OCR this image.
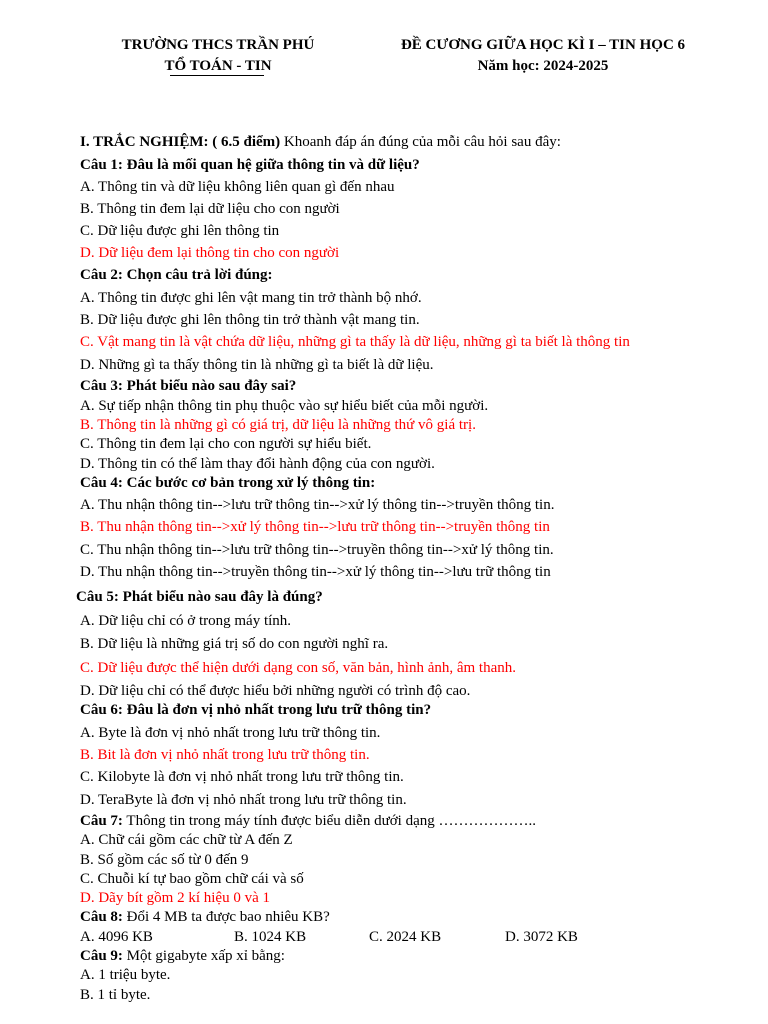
TRƯỜNG THCS TRẦN PHÚ
TỔ TOÁN - TIN
ĐỀ CƯƠNG GIỮA HỌC KÌ I – TIN HỌC 6
Năm học: 2024-2025
I. TRẮC NGHIỆM: ( 6.5 điểm) Khoanh đáp án đúng của mỗi câu hỏi sau đây:
Câu 1: Đâu là mối quan hệ giữa thông tin và dữ liệu?
A. Thông tin và dữ liệu không liên quan gì đến nhau
B. Thông tin đem lại dữ liệu cho con người
C. Dữ liệu được ghi lên thông tin
D. Dữ liệu đem lại thông tin cho con người
Câu 2: Chọn câu trả lời đúng:
A. Thông tin được ghi lên vật mang tin trở thành bộ nhớ.
B. Dữ liệu được ghi lên thông tin trở thành vật mang tin.
C. Vật mang tin là vật chứa dữ liệu, những gì ta thấy là dữ liệu, những gì ta biết là thông tin
D. Những gì ta thấy thông tin là những gì ta biết là dữ liệu.
Câu 3: Phát biểu nào sau đây sai?
A. Sự tiếp nhận thông tin phụ thuộc vào sự hiểu biết của mỗi người.
B. Thông tin là những gì có giá trị, dữ liệu là những thứ vô giá trị.
C. Thông tin đem lại cho con người sự hiểu biết.
D. Thông tin có thể làm thay đổi hành động của con người.
Câu 4: Các bước cơ bản trong xử lý thông tin:
A. Thu nhận thông tin-->lưu trữ thông tin-->xử lý thông tin-->truyền thông tin.
B. Thu nhận thông tin-->xử lý thông tin-->lưu trữ thông tin-->truyền thông tin
C. Thu nhận thông tin-->lưu trữ thông tin-->truyền thông tin-->xử lý thông tin.
D. Thu nhận thông tin-->truyền thông tin-->xử lý thông tin-->lưu trữ thông tin
Câu 5: Phát biểu nào sau đây là đúng?
A. Dữ liệu chỉ có ở trong máy tính.
B. Dữ liệu là những giá trị số do con người nghĩ ra.
C. Dữ liệu được thể hiện dưới dạng con số, văn bản, hình ảnh, âm thanh.
D. Dữ liệu chỉ có thể được hiểu bởi những người có trình độ cao.
Câu 6: Đâu là đơn vị nhỏ nhất trong lưu trữ thông tin?
A. Byte là đơn vị nhỏ nhất trong lưu trữ thông tin.
B. Bit là đơn vị nhỏ nhất trong lưu trữ thông tin.
C. Kilobyte là đơn vị nhỏ nhất trong lưu trữ thông tin.
D. TeraByte là đơn vị nhỏ nhất trong lưu trữ thông tin.
Câu 7: Thông tin trong máy tính được biểu diễn dưới dạng ………………..
A. Chữ cái gồm các chữ từ A đến Z
B. Số gồm các số từ 0 đến 9
C. Chuỗi kí tự bao gồm chữ cái và số
D. Dãy bít gồm 2 kí hiệu 0 và 1
Câu 8: Đổi 4 MB ta được bao nhiêu KB?
A. 4096 KB	B. 1024 KB	C. 2024 KB	D. 3072 KB
Câu 9: Một gigabyte xấp xỉ bằng:
A. 1 triệu byte.
B. 1 tỉ byte.
